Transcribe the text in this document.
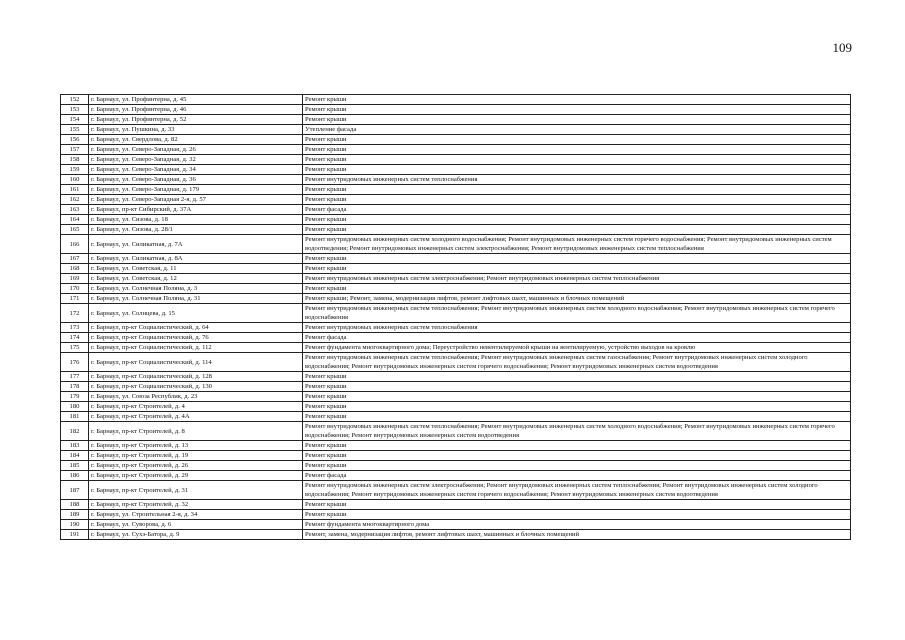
109
152	г. Барнаул, ул. Профинтерна, д. 45	Ремонт крыши
153	г. Барнаул, ул. Профинтерна, д. 46	Ремонт крыши
154	г. Барнаул, ул. Профинтерна, д. 52	Ремонт крыши
155	г. Барнаул, ул. Пушкина, д. 33	Утепление фасада
156	г. Барнаул, ул. Свердлова, д. 82	Ремонт крыши
157	г. Барнаул, ул. Северо-Западная, д. 26	Ремонт крыши
158	г. Барнаул, ул. Северо-Западная, д. 32	Ремонт крыши
159	г. Барнаул, ул. Северо-Западная, д. 34	Ремонт крыши
160	г. Барнаул, ул. Северо-Западная, д. 36	Ремонт внутридомовых инженерных систем теплоснабжения
161	г. Барнаул, ул. Северо-Западная, д. 179	Ремонт крыши
162	г. Барнаул, ул. Северо-Западная 2-я, д. 57	Ремонт крыши
163	г. Барнаул, пр-кт Сибирский, д. 37А	Ремонт фасада
164	г. Барнаул, ул. Сизова, д. 18	Ремонт крыши
165	г. Барнаул, ул. Сизова, д. 28/1	Ремонт крыши
166	г. Барнаул, ул. Силикатная, д. 7А	Ремонт внутридомовых инженерных систем холодного водоснабжения; Ремонт внутридомовых инженерных систем горячего водоснабжения; Ремонт внутридомовых инженерных систем водоотведения; Ремонт внутридомовых инженерных систем электроснабжения; Ремонт внутридомовых инженерных систем теплоснабжения
167	г. Барнаул, ул. Силикатная, д. 8А	Ремонт крыши
168	г. Барнаул, ул. Советская, д. 11	Ремонт крыши
169	г. Барнаул, ул. Советская, д. 12	Ремонт внутридомовых инженерных систем электроснабжения; Ремонт внутридомовых инженерных систем теплоснабжения
170	г. Барнаул, ул. Солнечная Поляна, д. 3	Ремонт крыши
171	г. Барнаул, ул. Солнечная Поляна, д. 31	Ремонт крыши; Ремонт, замена, модернизация лифтов, ремонт лифтовых шахт, машинных и блочных помещений
172	г. Барнаул, ул. Солнцева, д. 15	Ремонт внутридомовых инженерных систем теплоснабжения; Ремонт внутридомовых инженерных систем холодного водоснабжения; Ремонт внутридомовых инженерных систем горячего водоснабжения
173	г. Барнаул, пр-кт Социалистический, д. 64	Ремонт внутридомовых инженерных систем теплоснабжения
174	г. Барнаул, пр-кт Социалистический, д. 76	Ремонт фасада
175	г. Барнаул, пр-кт Социалистический, д. 112	Ремонт фундамента многоквартирного дома; Переустройство невентилируемой крыши на вентилируемую, устройство выходов на кровлю
176	г. Барнаул, пр-кт Социалистический, д. 114	Ремонт внутридомовых инженерных систем теплоснабжения; Ремонт внутридомовых инженерных систем газоснабжения; Ремонт внутридомовых инженерных систем холодного водоснабжения; Ремонт внутридомовых инженерных систем горячего водоснабжения; Ремонт внутридомовых инженерных систем водоотведения
177	г. Барнаул, пр-кт Социалистический, д. 128	Ремонт крыши
178	г. Барнаул, пр-кт Социалистический, д. 130	Ремонт крыши
179	г. Барнаул, ул. Союза Республик, д. 23	Ремонт крыши
180	г. Барнаул, пр-кт Строителей, д. 4	Ремонт крыши
181	г. Барнаул, пр-кт Строителей, д. 4А	Ремонт крыши
182	г. Барнаул, пр-кт Строителей, д. 8	Ремонт внутридомовых инженерных систем теплоснабжения; Ремонт внутридомовых инженерных систем холодного водоснабжения; Ремонт внутридомовых инженерных систем горячего водоснабжения; Ремонт внутридомовых инженерных систем водоотведения
183	г. Барнаул, пр-кт Строителей, д. 13	Ремонт крыши
184	г. Барнаул, пр-кт Строителей, д. 19	Ремонт крыши
185	г. Барнаул, пр-кт Строителей, д. 26	Ремонт крыши
186	г. Барнаул, пр-кт Строителей, д. 29	Ремонт фасада
187	г. Барнаул, пр-кт Строителей, д. 31	Ремонт внутридомовых инженерных систем электроснабжения; Ремонт внутридомовых инженерных систем теплоснабжения; Ремонт внутридомовых инженерных систем холодного водоснабжения; Ремонт внутридомовых инженерных систем горячего водоснабжения; Ремонт внутридомовых инженерных систем водоотведения
188	г. Барнаул, пр-кт Строителей, д. 32	Ремонт крыши
189	г. Барнаул, ул. Строительная 2-я, д. 34	Ремонт крыши
190	г. Барнаул, ул. Суворова, д. 6	Ремонт фундамента многоквартирного дома
191	г. Барнаул, ул. Сухэ-Батора, д. 9	Ремонт, замена, модернизация лифтов, ремонт лифтовых шахт, машинных и блочных помещений
